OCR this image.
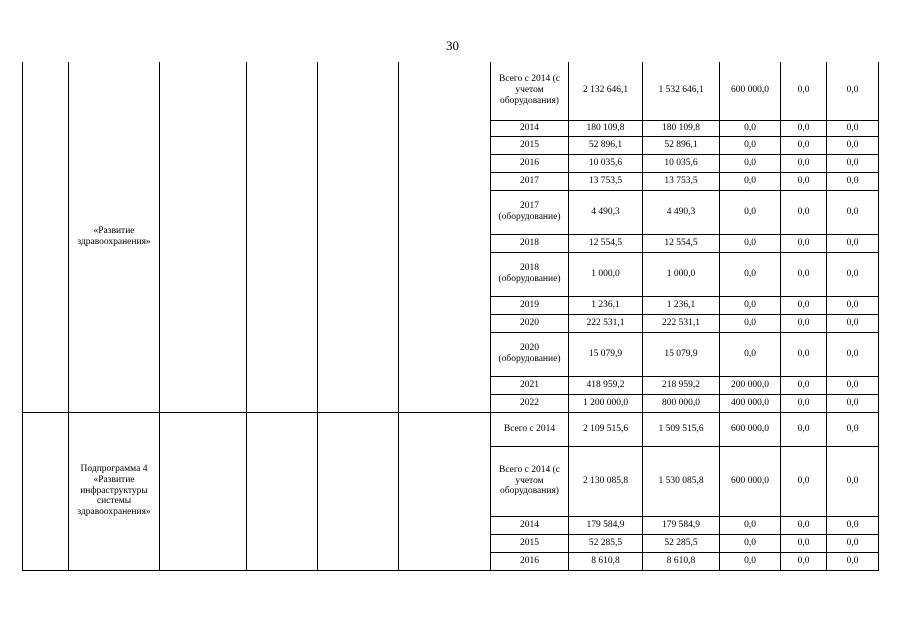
30
	«Развитие здравоохранения»					Всего с 2014 (с учетом оборудования)	2 132 646,1	1 532 646,1	600 000,0	0,0	0,0
						2014	180 109,8	180 109,8	0,0	0,0	0,0
						2015	52 896,1	52 896,1	0,0	0,0	0,0
						2016	10 035,6	10 035,6	0,0	0,0	0,0
						2017	13 753,5	13 753,5	0,0	0,0	0,0
						2017 (оборудование)	4 490,3	4 490,3	0,0	0,0	0,0
						2018	12 554,5	12 554,5	0,0	0,0	0,0
						2018 (оборудование)	1 000,0	1 000,0	0,0	0,0	0,0
						2019	1 236,1	1 236,1	0,0	0,0	0,0
						2020	222 531,1	222 531,1	0,0	0,0	0,0
						2020 (оборудование)	15 079,9	15 079,9	0,0	0,0	0,0
						2021	418 959,2	218 959,2	200 000,0	0,0	0,0
						2022	1 200 000,0	800 000,0	400 000,0	0,0	0,0
	Подпрограмма 4 «Развитие инфраструктуры системы здравоохранения»					Всего с 2014	2 109 515,6	1 509 515,6	600 000,0	0,0	0,0
						Всего с 2014 (с учетом оборудования)	2 130 085,8	1 530 085,8	600 000,0	0,0	0,0
						2014	179 584,9	179 584,9	0,0	0,0	0,0
						2015	52 285,5	52 285,5	0,0	0,0	0,0
						2016	8 610,8	8 610,8	0,0	0,0	0,0
